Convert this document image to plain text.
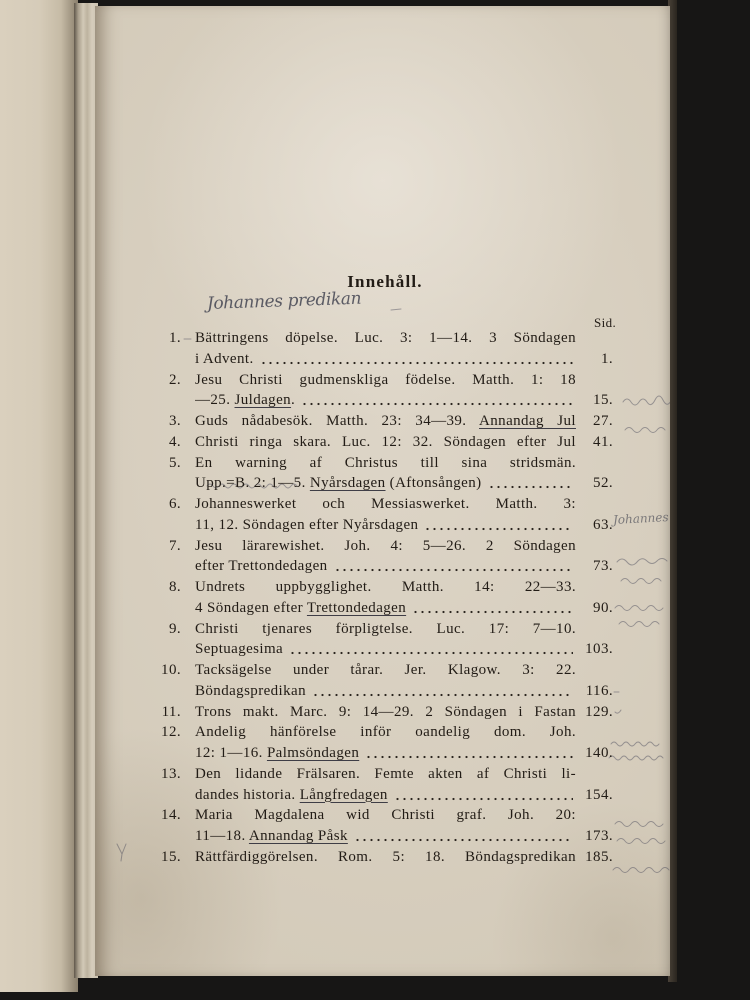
Innehåll.
Johannes predikan
Sid.
Johannes
1. Bättringens döpelse. Luc. 3: 1—14. 3 Söndagen
i Advent.	1.
2. Jesu Christi gudmenskliga födelse. Matth. 1: 18
—25. Juldagen.	15.
3. Guds nådabesök. Matth. 23: 34—39. Annandag Jul	27.
4. Christi ringa skara. Luc. 12: 32. Söndagen efter Jul	41.
5. En warning af Christus till sina stridsmän.
Upp.=B. 2: 1—5. Nyårsdagen (Aftonsången)	52.
6. Johanneswerket och Messiaswerket. Matth. 3:
11, 12. Söndagen efter Nyårsdagen	63.
7. Jesu lärarewishet. Joh. 4: 5—26. 2 Söndagen
efter Trettondedagen	73.
8. Undrets uppbygglighet. Matth. 14: 22—33.
4 Söndagen efter Trettondedagen	90.
9. Christi tjenares förpligtelse. Luc. 17: 7—10.
Septuagesima	103.
10. Tacksägelse under tårar. Jer. Klagow. 3: 22.
Böndagspredikan	116.
11. Trons makt. Marc. 9: 14—29. 2 Söndagen i Fastan 129.
12. Andelig hänförelse inför oandelig dom. Joh.
12: 1—16. Palmsöndagen	140.
13. Den lidande Frälsaren. Femte akten af Christi li-
dandes historia. Långfredagen	154.
14. Maria Magdalena wid Christi graf. Joh. 20:
11—18. Annandag Påsk	173.
15. Rättfärdiggörelsen. Rom. 5: 18. Böndagspredikan 185.
